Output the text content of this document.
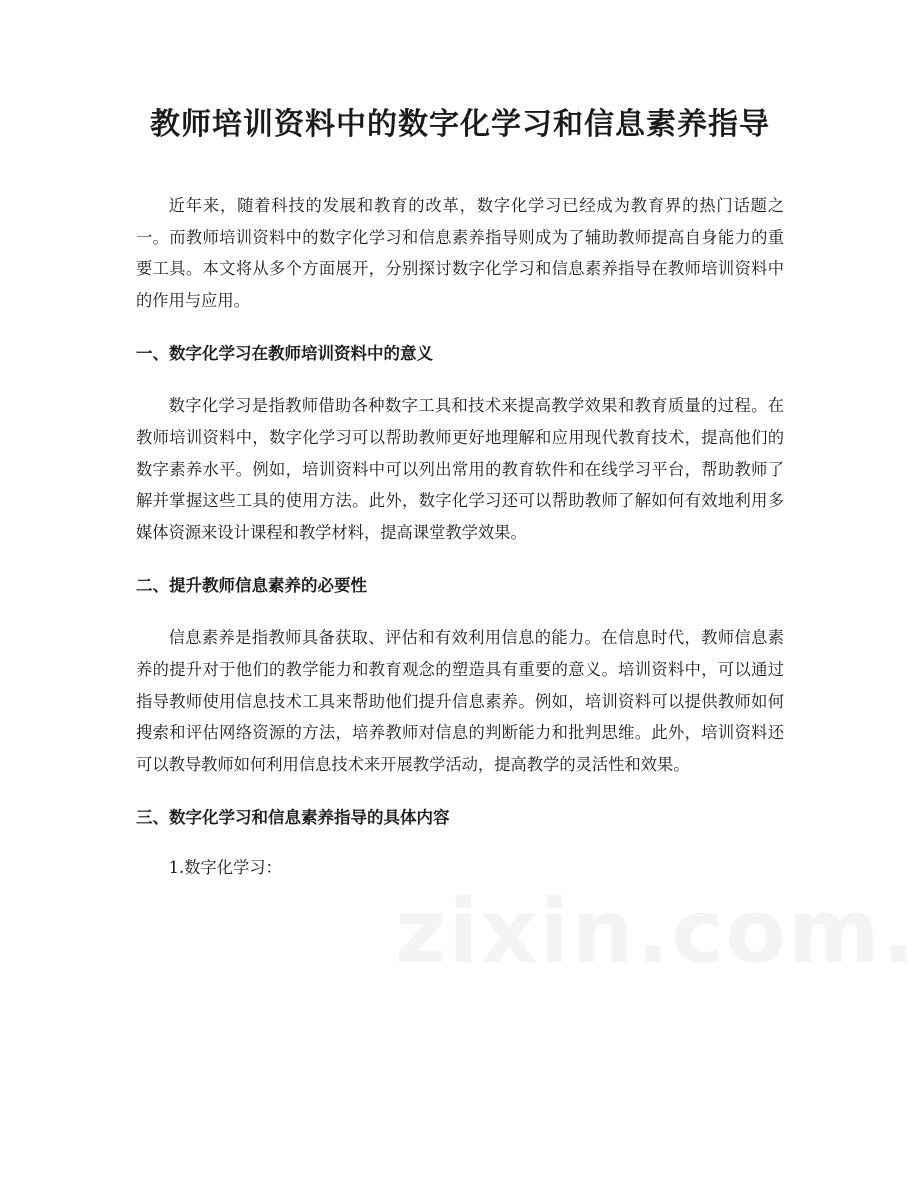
教师培训资料中的数字化学习和信息素养指导

近年来，随着科技的发展和教育的改革，数字化学习已经成为教育界的热门话题之一。而教师培训资料中的数字化学习和信息素养指导则成为了辅助教师提高自身能力的重要工具。本文将从多个方面展开，分别探讨数字化学习和信息素养指导在教师培训资料中的作用与应用。

一、数字化学习在教师培训资料中的意义

数字化学习是指教师借助各种数字工具和技术来提高教学效果和教育质量的过程。在教师培训资料中，数字化学习可以帮助教师更好地理解和应用现代教育技术，提高他们的数字素养水平。例如，培训资料中可以列出常用的教育软件和在线学习平台，帮助教师了解并掌握这些工具的使用方法。此外，数字化学习还可以帮助教师了解如何有效地利用多媒体资源来设计课程和教学材料，提高课堂教学效果。

二、提升教师信息素养的必要性

信息素养是指教师具备获取、评估和有效利用信息的能力。在信息时代，教师信息素养的提升对于他们的教学能力和教育观念的塑造具有重要的意义。培训资料中，可以通过指导教师使用信息技术工具来帮助他们提升信息素养。例如，培训资料可以提供教师如何搜索和评估网络资源的方法，培养教师对信息的判断能力和批判思维。此外，培训资料还可以教导教师如何利用信息技术来开展教学活动，提高教学的灵活性和效果。

三、数字化学习和信息素养指导的具体内容

1.数字化学习：
